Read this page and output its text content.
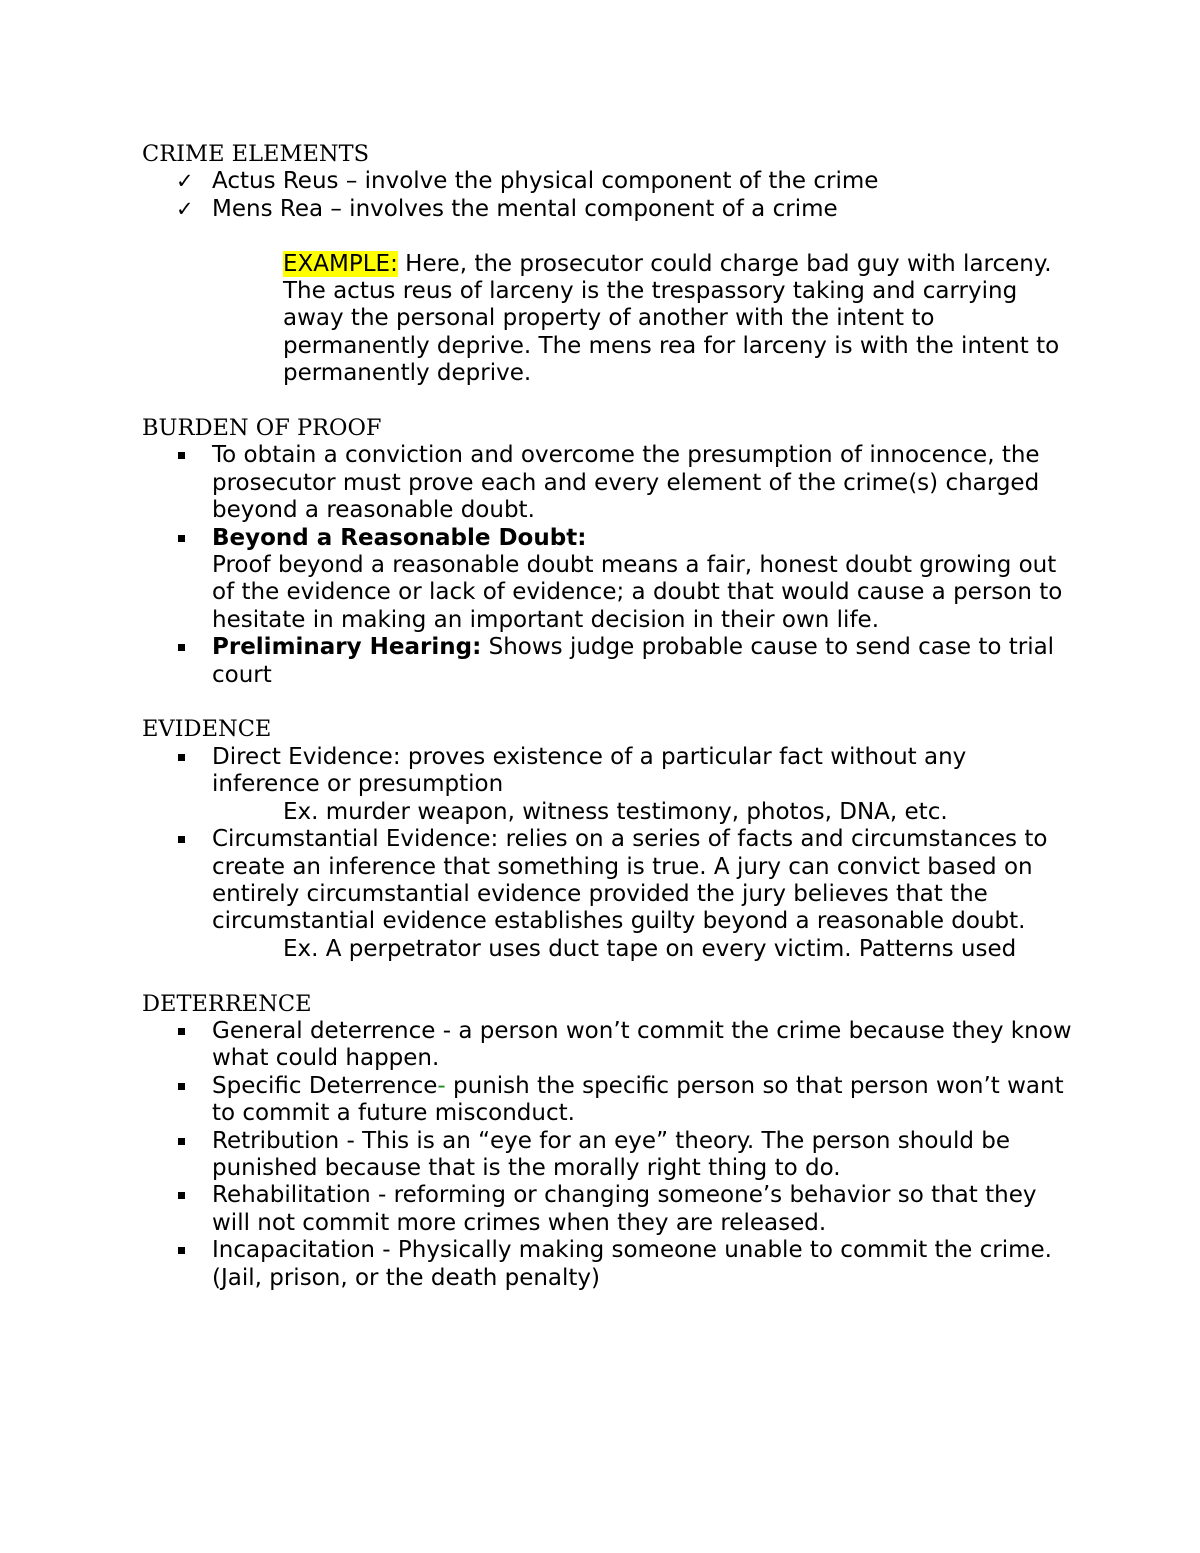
CRIME ELEMENTS
✓ Actus Reus – involve the physical component of the crime
✓ Mens Rea – involves the mental component of a crime
EXAMPLE: Here, the prosecutor could charge bad guy with larceny. The actus reus of larceny is the trespassory taking and carrying away the personal property of another with the intent to permanently deprive. The mens rea for larceny is with the intent to permanently deprive.
BURDEN OF PROOF
To obtain a conviction and overcome the presumption of innocence, the prosecutor must prove each and every element of the crime(s) charged beyond a reasonable doubt.
Beyond a Reasonable Doubt:
Proof beyond a reasonable doubt means a fair, honest doubt growing out of the evidence or lack of evidence; a doubt that would cause a person to hesitate in making an important decision in their own life.
Preliminary Hearing: Shows judge probable cause to send case to trial court
EVIDENCE
Direct Evidence: proves existence of a particular fact without any inference or presumption
Ex. murder weapon, witness testimony, photos, DNA, etc.
Circumstantial Evidence: relies on a series of facts and circumstances to create an inference that something is true. A jury can convict based on entirely circumstantial evidence provided the jury believes that the circumstantial evidence establishes guilty beyond a reasonable doubt.
Ex. A perpetrator uses duct tape on every victim. Patterns used
DETERRENCE
General deterrence - a person won’t commit the crime because they know what could happen.
Specific Deterrence- punish the specific person so that person won’t want to commit a future misconduct.
Retribution - This is an “eye for an eye” theory. The person should be punished because that is the morally right thing to do.
Rehabilitation - reforming or changing someone’s behavior so that they will not commit more crimes when they are released.
Incapacitation - Physically making someone unable to commit the crime. (Jail, prison, or the death penalty)
